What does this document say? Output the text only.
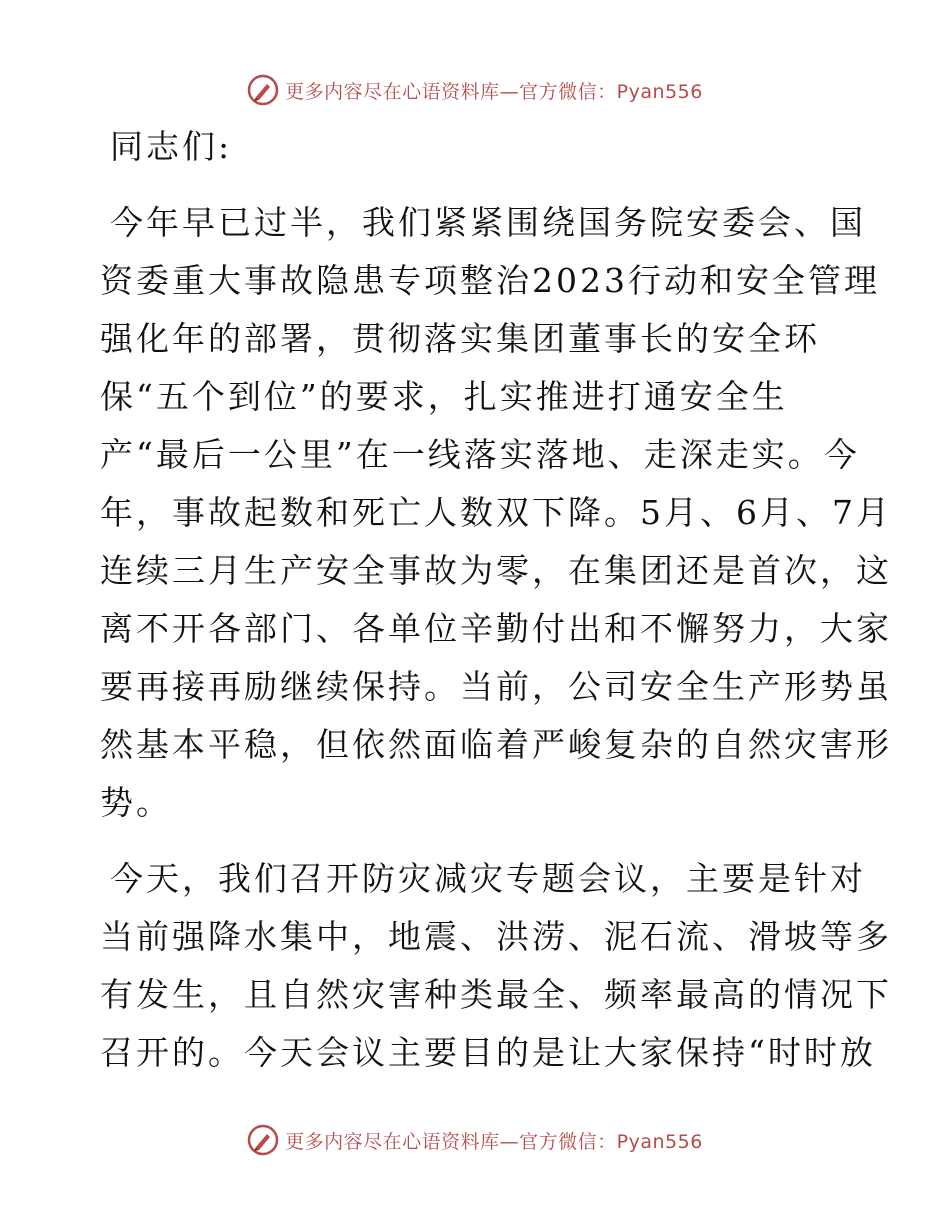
更多内容尽在心语资料库—官方微信：Pyan556
同志们:
今年早已过半，我们紧紧围绕国务院安委会、国
资委重大事故隐患专项整治2023行动和安全管理
强化年的部署，贯彻落实集团董事长的安全环
保“五个到位”的要求，扎实推进打通安全生
产“最后一公里”在一线落实落地、走深走实。今
年，事故起数和死亡人数双下降。5月、6月、7月
连续三月生产安全事故为零，在集团还是首次，这
离不开各部门、各单位辛勤付出和不懈努力，大家
要再接再励继续保持。当前，公司安全生产形势虽
然基本平稳，但依然面临着严峻复杂的自然灾害形
势。
今天，我们召开防灾减灾专题会议，主要是针对
当前强降水集中，地震、洪涝、泥石流、滑坡等多
有发生，且自然灾害种类最全、频率最高的情况下
召开的。今天会议主要目的是让大家保持“时时放
更多内容尽在心语资料库—官方微信：Pyan556
